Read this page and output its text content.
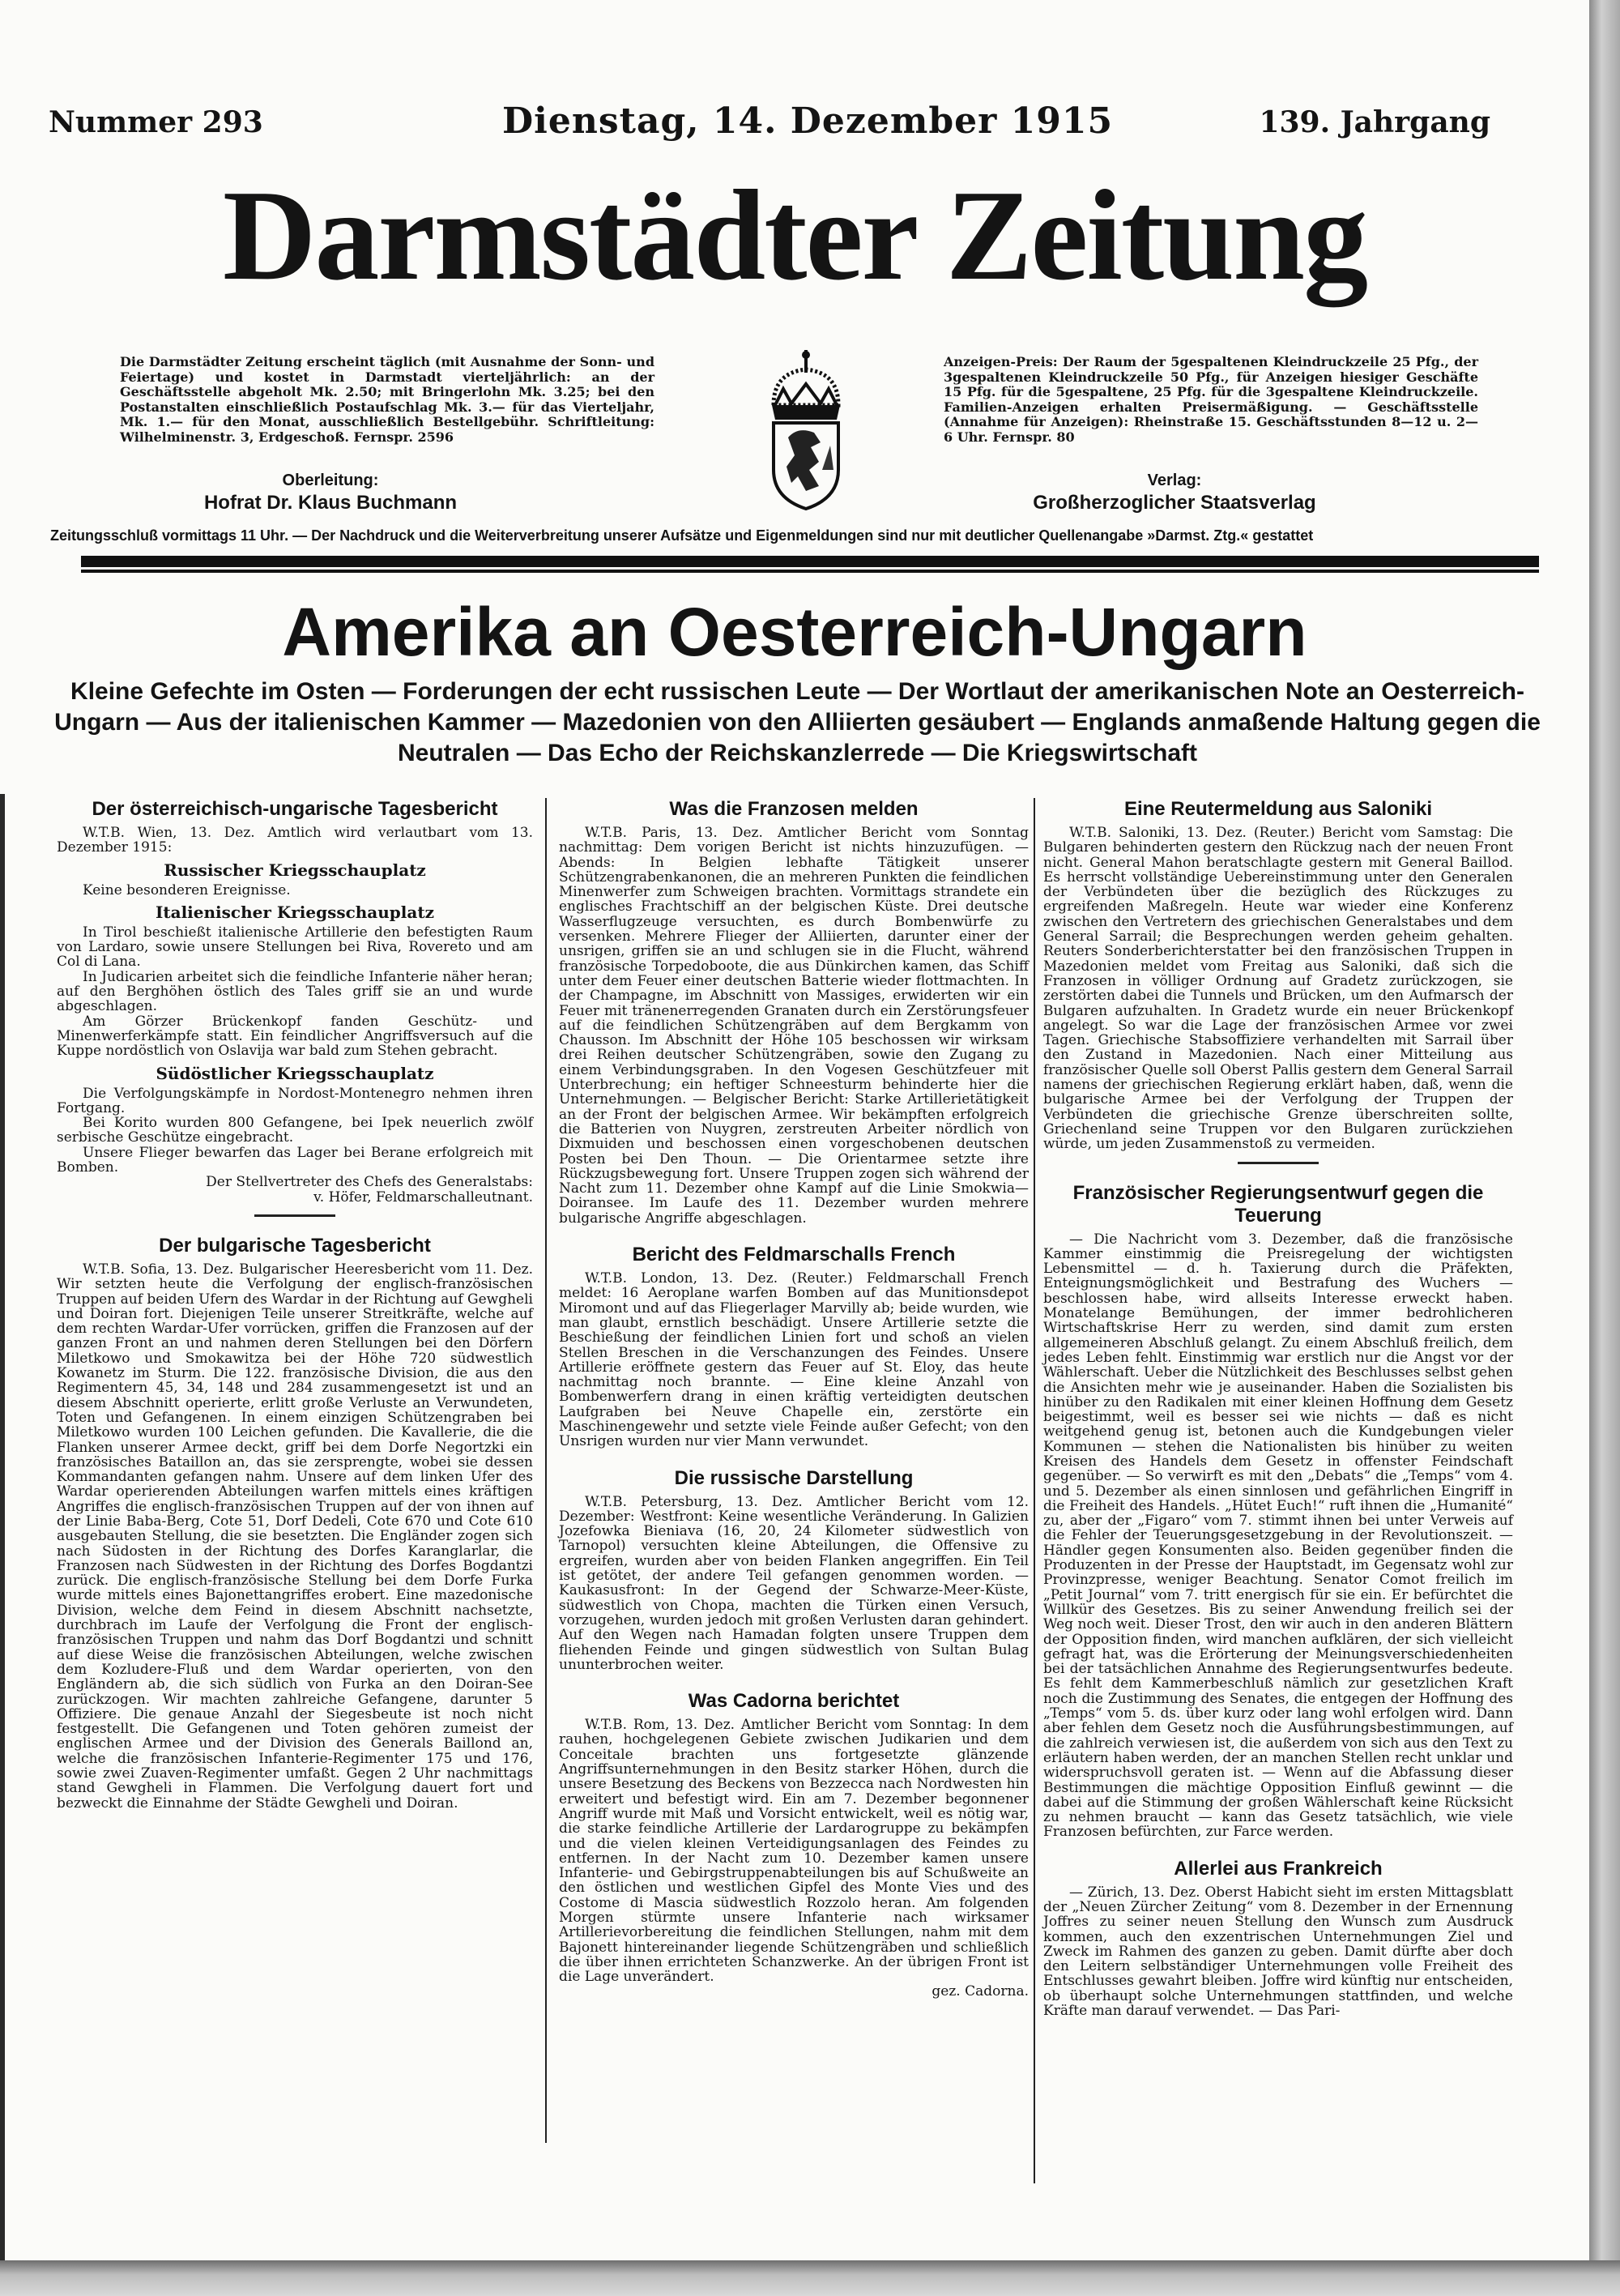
Nummer 293	Dienstag, 14. Dezember 1915	139. Jahrgang
Darmstädter Zeitung
Die Darmstädter Zeitung erscheint täglich (mit Ausnahme der Sonn- und Feiertage) und kostet in Darmstadt vierteljährlich: an der Geschäftsstelle abgeholt Mk. 2.50; mit Bringerlohn Mk. 3.25; bei den Postanstalten einschließlich Postaufschlag Mk. 3.— für das Vierteljahr, Mk. 1.— für den Monat, ausschließlich Bestellgebühr. Schriftleitung: Wilhelminenstr. 3, Erdgeschoß. Fernspr. 2596
Oberleitung:
Hofrat Dr. Klaus Buchmann
Anzeigen-Preis: Der Raum der 5gespaltenen Kleindruckzeile 25 Pfg., der 3gespaltenen Kleindruckzeile 50 Pfg., für Anzeigen hiesiger Geschäfte 15 Pfg. für die 5gespaltene, 25 Pfg. für die 3gespaltene Kleindruckzeile. Familien-Anzeigen erhalten Preisermäßigung. — Geschäftsstelle (Annahme für Anzeigen): Rheinstraße 15. Geschäftsstunden 8—12 u. 2—6 Uhr. Fernspr. 80
Verlag:
Großherzoglicher Staatsverlag
Zeitungsschluß vormittags 11 Uhr. — Der Nachdruck und die Weiterverbreitung unserer Aufsätze und Eigenmeldungen sind nur mit deutlicher Quellenangabe »Darmst. Ztg.« gestattet
Amerika an Oesterreich-Ungarn
Kleine Gefechte im Osten — Forderungen der echt russischen Leute — Der Wortlaut der amerikanischen Note an Oesterreich-Ungarn — Aus der italienischen Kammer — Mazedonien von den Alliierten gesäubert — Englands anmaßende Haltung gegen die Neutralen — Das Echo der Reichskanzlerrede — Die Kriegswirtschaft
Der österreichisch-ungarische Tagesbericht

W.T.B. Wien, 13. Dez. Amtlich wird verlautbart vom 13. Dezember 1915:

Russischer Kriegsschauplatz

Keine besonderen Ereignisse.

Italienischer Kriegsschauplatz

In Tirol beschießt italienische Artillerie den befestigten Raum von Lardaro, sowie unsere Stellungen bei Riva, Rovereto und am Col di Lana.

In Judicarien arbeitet sich die feindliche Infanterie näher heran; auf den Berghöhen östlich des Tales griff sie an und wurde abgeschlagen.

Am Görzer Brückenkopf fanden Geschütz- und Minenwerferkämpfe statt. Ein feindlicher Angriffsversuch auf die Kuppe nordöstlich von Oslavija war bald zum Stehen gebracht.

Südöstlicher Kriegsschauplatz

Die Verfolgungskämpfe in Nordost-Montenegro nehmen ihren Fortgang.

Bei Korito wurden 800 Gefangene, bei Ipek neuerlich zwölf serbische Geschütze eingebracht.

Unsere Flieger bewarfen das Lager bei Berane erfolgreich mit Bomben.

Der Stellvertreter des Chefs des Generalstabs:

v. Höfer, Feldmarschalleutnant.

Der bulgarische Tagesbericht

W.T.B. Sofia, 13. Dez. Bulgarischer Heeresbericht vom 11. Dez. Wir setzten heute die Verfolgung der englisch-französischen Truppen auf beiden Ufern des Wardar in der Richtung auf Gewgheli und Doiran fort. Diejenigen Teile unserer Streitkräfte, welche auf dem rechten Wardar-Ufer vorrücken, griffen die Franzosen auf der ganzen Front an und nahmen deren Stellungen bei den Dörfern Miletkowo und Smokawitza bei der Höhe 720 südwestlich Kowanetz im Sturm. Die 122. französische Division, die aus den Regimentern 45, 34, 148 und 284 zusammengesetzt ist und an diesem Abschnitt operierte, erlitt große Verluste an Verwundeten, Toten und Gefangenen. In einem einzigen Schützengraben bei Miletkowo wurden 100 Leichen gefunden. Die Kavallerie, die die Flanken unserer Armee deckt, griff bei dem Dorfe Negortzki ein französisches Bataillon an, das sie zersprengte, wobei sie dessen Kommandanten gefangen nahm. Unsere auf dem linken Ufer des Wardar operierenden Abteilungen warfen mittels eines kräftigen Angriffes die englisch-französischen Truppen auf der von ihnen auf der Linie Baba-Berg, Cote 51, Dorf Dedeli, Cote 670 und Cote 610 ausgebauten Stellung, die sie besetzten. Die Engländer zogen sich nach Südosten in der Richtung des Dorfes Karanglarlar, die Franzosen nach Südwesten in der Richtung des Dorfes Bogdantzi zurück. Die englisch-französische Stellung bei dem Dorfe Furka wurde mittels eines Bajonettangriffes erobert. Eine mazedonische Division, welche dem Feind in diesem Abschnitt nachsetzte, durchbrach im Laufe der Verfolgung die Front der englisch-französischen Truppen und nahm das Dorf Bogdantzi und schnitt auf diese Weise die französischen Abteilungen, welche zwischen dem Kozludere-Fluß und dem Wardar operierten, von den Engländern ab, die sich südlich von Furka an den Doiran-See zurückzogen. Wir machten zahlreiche Gefangene, darunter 5 Offiziere. Die genaue Anzahl der Siegesbeute ist noch nicht festgestellt. Die Gefangenen und Toten gehören zumeist der englischen Armee und der Division des Generals Baillond an, welche die französischen Infanterie-Regimenter 175 und 176, sowie zwei Zuaven-Regimenter umfaßt. Gegen 2 Uhr nachmittags stand Gewgheli in Flammen. Die Verfolgung dauert fort und bezweckt die Einnahme der Städte Gewgheli und Doiran.

Was die Franzosen melden

W.T.B. Paris, 13. Dez. Amtlicher Bericht vom Sonntag nachmittag: Dem vorigen Bericht ist nichts hinzuzufügen. — Abends: In Belgien lebhafte Tätigkeit unserer Schützengrabenkanonen, die an mehreren Punkten die feindlichen Minenwerfer zum Schweigen brachten. Vormittags strandete ein englisches Frachtschiff an der belgischen Küste. Drei deutsche Wasserflugzeuge versuchten, es durch Bombenwürfe zu versenken. Mehrere Flieger der Alliierten, darunter einer der unsrigen, griffen sie an und schlugen sie in die Flucht, während französische Torpedoboote, die aus Dünkirchen kamen, das Schiff unter dem Feuer einer deutschen Batterie wieder flottmachten. In der Champagne, im Abschnitt von Massiges, erwiderten wir ein Feuer mit tränenerregenden Granaten durch ein Zerstörungsfeuer auf die feindlichen Schützengräben auf dem Bergkamm von Chausson. Im Abschnitt der Höhe 105 beschossen wir wirksam drei Reihen deutscher Schützengräben, sowie den Zugang zu einem Verbindungsgraben. In den Vogesen Geschützfeuer mit Unterbrechung; ein heftiger Schneesturm behinderte hier die Unternehmungen. — Belgischer Bericht: Starke Artillerietätigkeit an der Front der belgischen Armee. Wir bekämpften erfolgreich die Batterien von Nuygren, zerstreuten Arbeiter nördlich von Dixmuiden und beschossen einen vorgeschobenen deutschen Posten bei Den Thoun. — Die Orientarmee setzte ihre Rückzugsbewegung fort. Unsere Truppen zogen sich während der Nacht zum 11. Dezember ohne Kampf auf die Linie Smokwia—Doiransee. Im Laufe des 11. Dezember wurden mehrere bulgarische Angriffe abgeschlagen.

Bericht des Feldmarschalls French

W.T.B. London, 13. Dez. (Reuter.) Feldmarschall French meldet: 16 Aeroplane warfen Bomben auf das Munitionsdepot Miromont und auf das Fliegerlager Marvilly ab; beide wurden, wie man glaubt, ernstlich beschädigt. Unsere Artillerie setzte die Beschießung der feindlichen Linien fort und schoß an vielen Stellen Breschen in die Verschanzungen des Feindes. Unsere Artillerie eröffnete gestern das Feuer auf St. Eloy, das heute nachmittag noch brannte. — Eine kleine Anzahl von Bombenwerfern drang in einen kräftig verteidigten deutschen Laufgraben bei Neuve Chapelle ein, zerstörte ein Maschinengewehr und setzte viele Feinde außer Gefecht; von den Unsrigen wurden nur vier Mann verwundet.

Die russische Darstellung

W.T.B. Petersburg, 13. Dez. Amtlicher Bericht vom 12. Dezember: Westfront: Keine wesentliche Veränderung. In Galizien Jozefowka Bieniava (16, 20, 24 Kilometer südwestlich von Tarnopol) versuchten kleine Abteilungen, die Offensive zu ergreifen, wurden aber von beiden Flanken angegriffen. Ein Teil ist getötet, der andere Teil gefangen genommen worden. — Kaukasusfront: In der Gegend der Schwarze-Meer-Küste, südwestlich von Chopa, machten die Türken einen Versuch, vorzugehen, wurden jedoch mit großen Verlusten daran gehindert. Auf den Wegen nach Hamadan folgten unsere Truppen dem fliehenden Feinde und gingen südwestlich von Sultan Bulag ununterbrochen weiter.

Was Cadorna berichtet

W.T.B. Rom, 13. Dez. Amtlicher Bericht vom Sonntag: In dem rauhen, hochgelegenen Gebiete zwischen Judikarien und dem Conceitale brachten uns fortgesetzte glänzende Angriffsunternehmungen in den Besitz starker Höhen, durch die unsere Besetzung des Beckens von Bezzecca nach Nordwesten hin erweitert und befestigt wird. Ein am 7. Dezember begonnener Angriff wurde mit Maß und Vorsicht entwickelt, weil es nötig war, die starke feindliche Artillerie der Lardarogruppe zu bekämpfen und die vielen kleinen Verteidigungsanlagen des Feindes zu entfernen. In der Nacht zum 10. Dezember kamen unsere Infanterie- und Gebirgstruppenabteilungen bis auf Schußweite an den östlichen und westlichen Gipfel des Monte Vies und des Costome di Mascia südwestlich Rozzolo heran. Am folgenden Morgen stürmte unsere Infanterie nach wirksamer Artillerievorbereitung die feindlichen Stellungen, nahm mit dem Bajonett hintereinander liegende Schützengräben und schließlich die über ihnen errichteten Schanzwerke. An der übrigen Front ist die Lage unverändert.

gez. Cadorna.

Eine Reutermeldung aus Saloniki

W.T.B. Saloniki, 13. Dez. (Reuter.) Bericht vom Samstag: Die Bulgaren behinderten gestern den Rückzug nach der neuen Front nicht. General Mahon beratschlagte gestern mit General Baillod. Es herrscht vollständige Uebereinstimmung unter den Generalen der Verbündeten über die bezüglich des Rückzuges zu ergreifenden Maßregeln. Heute war wieder eine Konferenz zwischen den Vertretern des griechischen Generalstabes und dem General Sarrail; die Besprechungen werden geheim gehalten. Reuters Sonderberichterstatter bei den französischen Truppen in Mazedonien meldet vom Freitag aus Saloniki, daß sich die Franzosen in völliger Ordnung auf Gradetz zurückzogen, sie zerstörten dabei die Tunnels und Brücken, um den Aufmarsch der Bulgaren aufzuhalten. In Gradetz wurde ein neuer Brückenkopf angelegt. So war die Lage der französischen Armee vor zwei Tagen. Griechische Stabsoffiziere verhandelten mit Sarrail über den Zustand in Mazedonien. Nach einer Mitteilung aus französischer Quelle soll Oberst Pallis gestern dem General Sarrail namens der griechischen Regierung erklärt haben, daß, wenn die bulgarische Armee bei der Verfolgung der Truppen der Verbündeten die griechische Grenze überschreiten sollte, Griechenland seine Truppen vor den Bulgaren zurückziehen würde, um jeden Zusammenstoß zu vermeiden.

Französischer Regierungsentwurf gegen die Teuerung

— Die Nachricht vom 3. Dezember, daß die französische Kammer einstimmig die Preisregelung der wichtigsten Lebensmittel — d. h. Taxierung durch die Präfekten, Enteignungsmöglichkeit und Bestrafung des Wuchers — beschlossen habe, wird allseits Interesse erweckt haben. Monatelange Bemühungen, der immer bedrohlicheren Wirtschaftskrise Herr zu werden, sind damit zum ersten allgemeineren Abschluß gelangt. Zu einem Abschluß freilich, dem jedes Leben fehlt. Einstimmig war erstlich nur die Angst vor der Wählerschaft. Ueber die Nützlichkeit des Beschlusses selbst gehen die Ansichten mehr wie je auseinander. Haben die Sozialisten bis hinüber zu den Radikalen mit einer kleinen Hoffnung dem Gesetz beigestimmt, weil es besser sei wie nichts — daß es nicht weitgehend genug ist, betonen auch die Kundgebungen vieler Kommunen — stehen die Nationalisten bis hinüber zu weiten Kreisen des Handels dem Gesetz in offenster Feindschaft gegenüber. — So verwirft es mit den „Debats“ die „Temps“ vom 4. und 5. Dezember als einen sinnlosen und gefährlichen Eingriff in die Freiheit des Handels. „Hütet Euch!“ ruft ihnen die „Humanité“ zu, aber der „Figaro“ vom 7. stimmt ihnen bei unter Verweis auf die Fehler der Teuerungsgesetzgebung in der Revolutionszeit. — Händler gegen Konsumenten also. Beiden gegenüber finden die Produzenten in der Presse der Hauptstadt, im Gegensatz wohl zur Provinzpresse, weniger Beachtung. Senator Comot freilich im „Petit Journal“ vom 7. tritt energisch für sie ein. Er befürchtet die Willkür des Gesetzes. Bis zu seiner Anwendung freilich sei der Weg noch weit. Dieser Trost, den wir auch in den anderen Blättern der Opposition finden, wird manchen aufklären, der sich vielleicht gefragt hat, was die Erörterung der Meinungsverschiedenheiten bei der tatsächlichen Annahme des Regierungsentwurfes bedeute. Es fehlt dem Kammerbeschluß nämlich zur gesetzlichen Kraft noch die Zustimmung des Senates, die entgegen der Hoffnung des „Temps“ vom 5. ds. über kurz oder lang wohl erfolgen wird. Dann aber fehlen dem Gesetz noch die Ausführungsbestimmungen, auf die zahlreich verwiesen ist, die außerdem von sich aus den Text zu erläutern haben werden, der an manchen Stellen recht unklar und widerspruchsvoll geraten ist. — Wenn auf die Abfassung dieser Bestimmungen die mächtige Opposition Einfluß gewinnt — die dabei auf die Stimmung der großen Wählerschaft keine Rücksicht zu nehmen braucht — kann das Gesetz tatsächlich, wie viele Franzosen befürchten, zur Farce werden.

Allerlei aus Frankreich

— Zürich, 13. Dez. Oberst Habicht sieht im ersten Mittagsblatt der „Neuen Zürcher Zeitung“ vom 8. Dezember in der Ernennung Joffres zu seiner neuen Stellung den Wunsch zum Ausdruck kommen, auch den exzentrischen Unternehmungen Ziel und Zweck im Rahmen des ganzen zu geben. Damit dürfte aber doch den Leitern selbständiger Unternehmungen volle Freiheit des Entschlusses gewahrt bleiben. Joffre wird künftig nur entscheiden, ob überhaupt solche Unternehmungen stattfinden, und welche Kräfte man darauf verwendet. — Das Pari-
